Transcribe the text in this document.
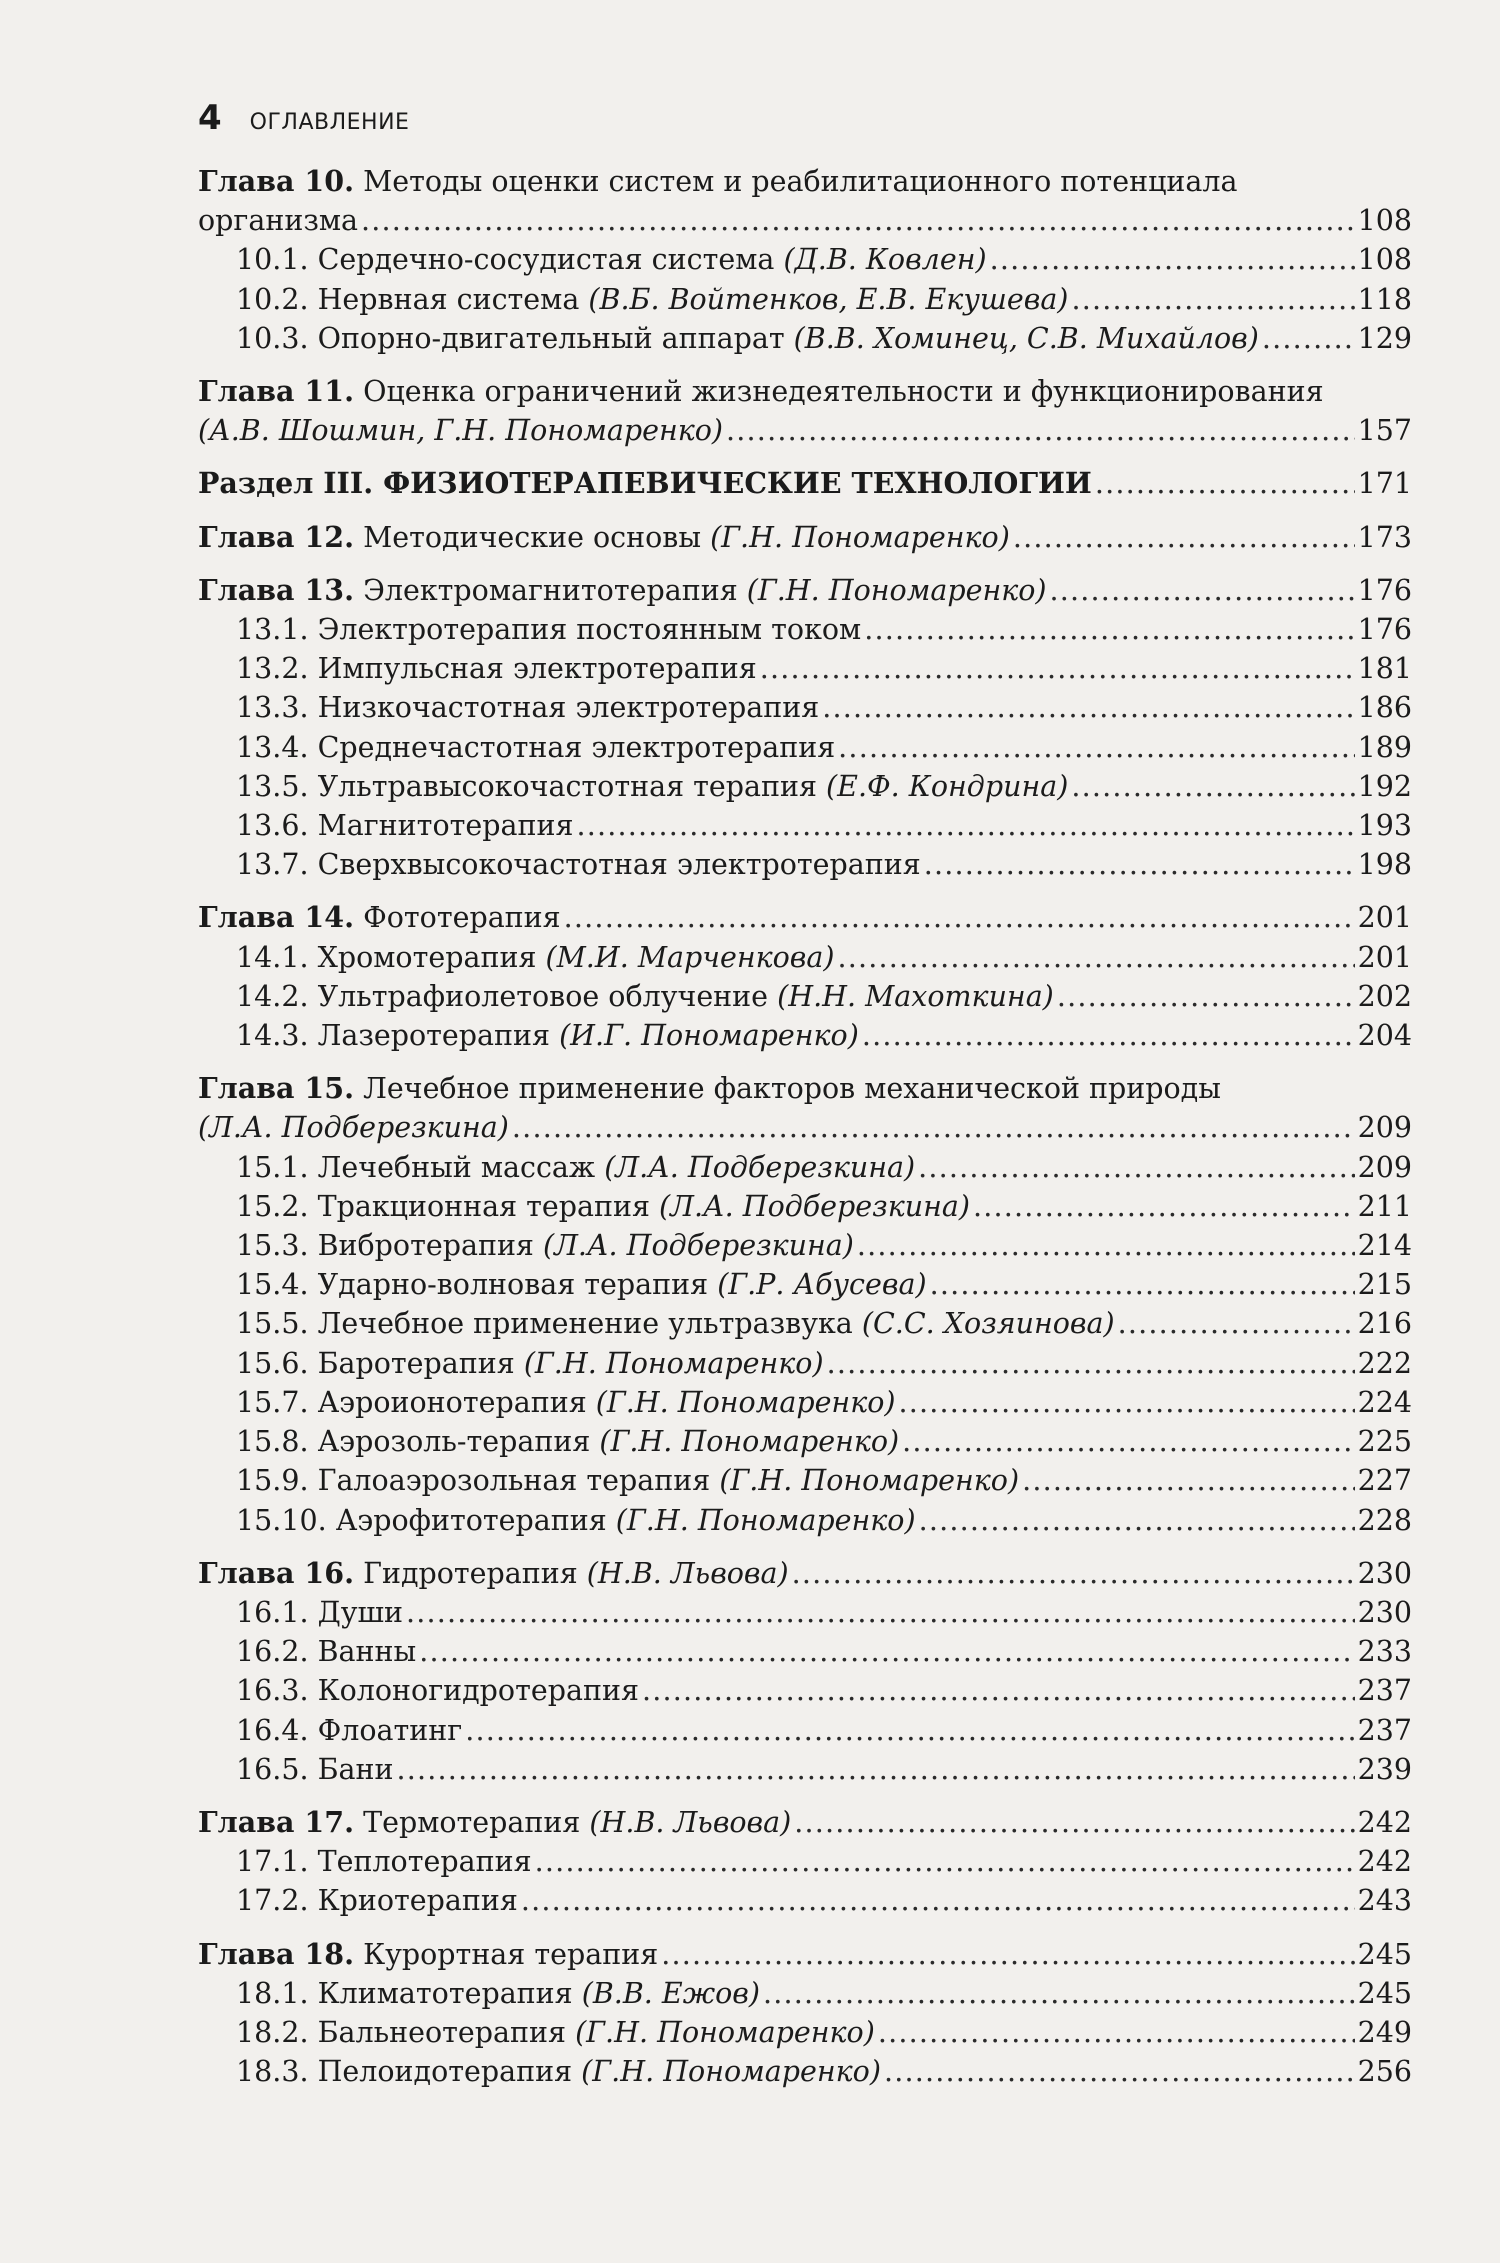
4 ОГЛАВЛЕНИЕ
Глава 10. Методы оценки систем и реабилитационного потенциала
организма .....	108
10.1. Сердечно-сосудистая система (Д.В. Ковлен) .....	108
10.2. Нервная система (В.Б. Войтенков, Е.В. Екушева) .....	118
10.3. Опорно-двигательный аппарат (В.В. Хоминец, С.В. Михайлов) .....	129
Глава 11. Оценка ограничений жизнедеятельности и функционирования
(А.В. Шошмин, Г.Н. Пономаренко) .....	157
Раздел III. ФИЗИОТЕРАПЕВИЧЕСКИЕ ТЕХНОЛОГИИ .....	171
Глава 12. Методические основы (Г.Н. Пономаренко) .....	173
Глава 13. Электромагнитотерапия (Г.Н. Пономаренко) .....	176
13.1. Электротерапия постоянным током .....	176
13.2. Импульсная электротерапия .....	181
13.3. Низкочастотная электротерапия .....	186
13.4. Среднечастотная электротерапия .....	189
13.5. Ультравысокочастотная терапия (Е.Ф. Кондрина) .....	192
13.6. Магнитотерапия .....	193
13.7. Сверхвысокочастотная электротерапия .....	198
Глава 14. Фототерапия .....	201
14.1. Хромотерапия (М.И. Марченкова) .....	201
14.2. Ультрафиолетовое облучение (Н.Н. Махоткина) .....	202
14.3. Лазеротерапия (И.Г. Пономаренко) .....	204
Глава 15. Лечебное применение факторов механической природы
(Л.А. Подберезкина) .....	209
15.1. Лечебный массаж (Л.А. Подберезкина) .....	209
15.2. Тракционная терапия (Л.А. Подберезкина) .....	211
15.3. Вибротерапия (Л.А. Подберезкина) .....	214
15.4. Ударно-волновая терапия (Г.Р. Абусева) .....	215
15.5. Лечебное применение ультразвука (С.С. Хозяинова) .....	216
15.6. Баротерапия (Г.Н. Пономаренко) .....	222
15.7. Аэроионотерапия (Г.Н. Пономаренко) .....	224
15.8. Аэрозоль-терапия (Г.Н. Пономаренко) .....	225
15.9. Галоаэрозольная терапия (Г.Н. Пономаренко) .....	227
15.10. Аэрофитотерапия (Г.Н. Пономаренко) .....	228
Глава 16. Гидротерапия (Н.В. Львова) .....	230
16.1. Души .....	230
16.2. Ванны .....	233
16.3. Колоногидротерапия .....	237
16.4. Флоатинг .....	237
16.5. Бани .....	239
Глава 17. Термотерапия (Н.В. Львова) .....	242
17.1. Теплотерапия .....	242
17.2. Криотерапия .....	243
Глава 18. Курортная терапия .....	245
18.1. Климатотерапия (В.В. Ежов) .....	245
18.2. Бальнеотерапия (Г.Н. Пономаренко) .....	249
18.3. Пелоидотерапия (Г.Н. Пономаренко) .....	256
